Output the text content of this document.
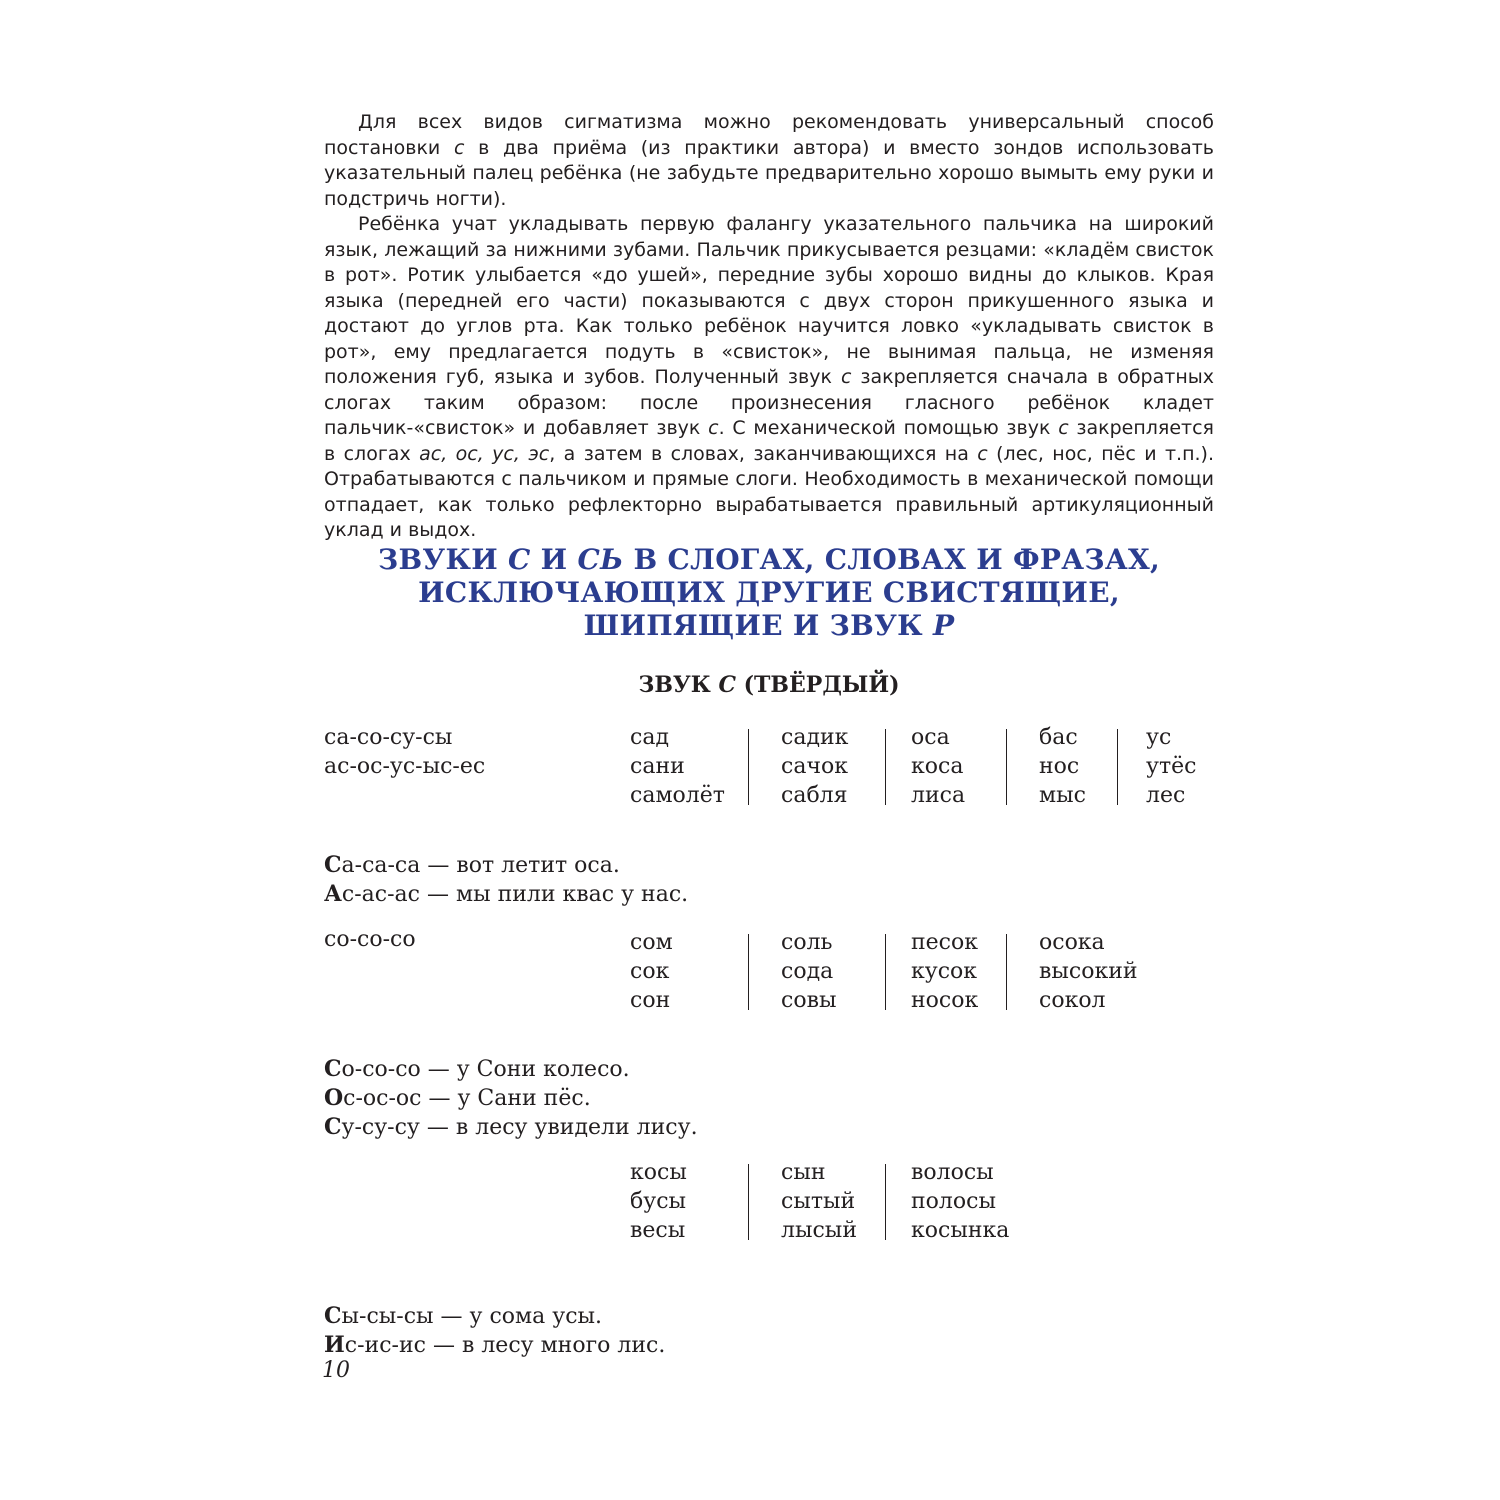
Для всех видов сигматизма можно рекомендовать универсальный способ постановки с в два приёма (из практики автора) и вместо зондов использовать указательный палец ребёнка (не забудьте предварительно хорошо вымыть ему руки и подстричь ногти).

Ребёнка учат укладывать первую фалангу указательного пальчика на широкий язык, лежащий за нижними зубами. Пальчик прикусывается резцами: «кладём свисток в рот». Ротик улыбается «до ушей», передние зубы хорошо видны до клыков. Края языка (передней его части) показываются с двух сторон прикушенного языка и достают до углов рта. Как только ребёнок научится ловко «укладывать свисток в рот», ему предлагается подуть в «свисток», не вынимая пальца, не изменяя положения губ, языка и зубов. Полученный звук с закрепляется сначала в обратных слогах таким образом: после произнесения гласного ребёнок кладет пальчик-«свисток» и добавляет звук с. С механической помощью звук с закрепляется в слогах ас, ос, ус, эс, а затем в словах, заканчивающихся на с (лес, нос, пёс и т.п.). Отрабатываются с пальчиком и прямые слоги. Необходимость в механической помощи отпадает, как только рефлекторно вырабатывается правильный артикуляционный уклад и выдох.

ЗВУКИ С И СЬ В СЛОГАХ, СЛОВАХ И ФРАЗАХ,
ИСКЛЮЧАЮЩИХ ДРУГИЕ СВИСТЯЩИЕ,
ШИПЯЩИЕ И ЗВУК Р
ЗВУК С (ТВЁРДЫЙ)
са-со-су-сы
ас-ос-ус-ыс-ес
сад
сани
самолёт
садик
сачок
сабля
оса
коса
лиса
бас
нос
мыс
ус
утёс
лес
Са-са-са — вот летит оса.
Ас-ас-ас — мы пили квас у нас.
со-со-со	сом
сок
сон
соль
сода
совы
песок
кусок
носок
осока
высокий
сокол
Со-со-со — у Сони колесо.
Ос-ос-ос — у Сани пёс.
Су-су-су — в лесу увидели лису.
косы
бусы
весы
сын
сытый
лысый
волосы
полосы
косынка
Сы-сы-сы — у сома усы.
Ис-ис-ис — в лесу много лис.
10
